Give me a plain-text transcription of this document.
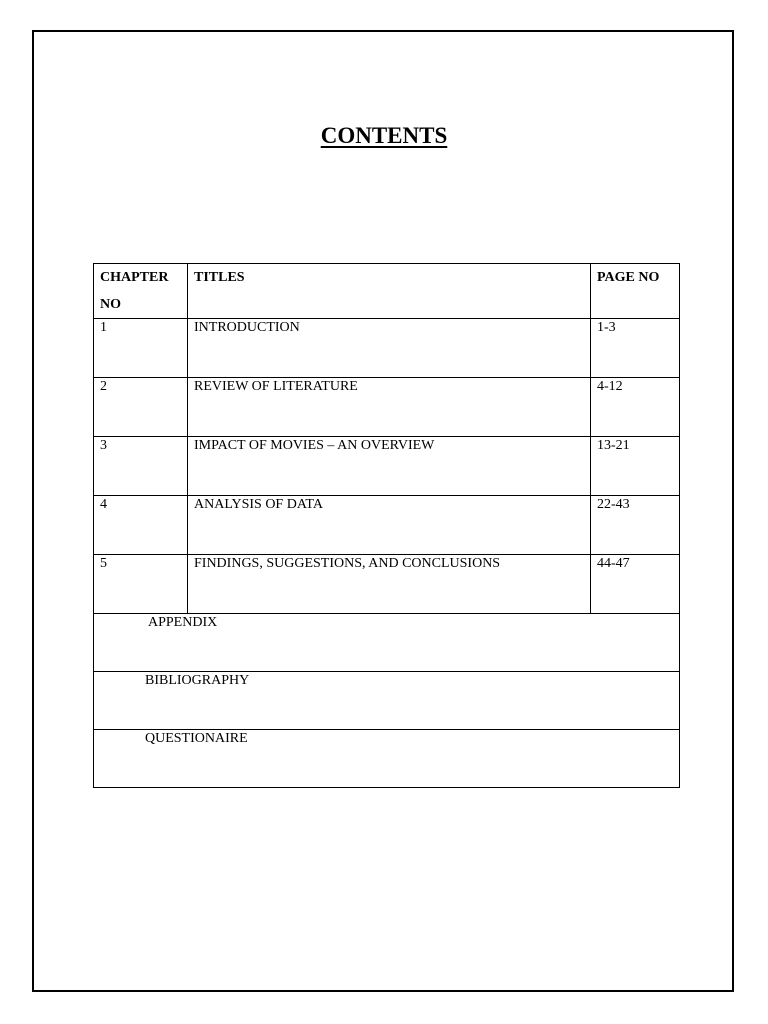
CONTENTS
CHAPTER NO	TITLES	PAGE NO
1	INTRODUCTION	1-3
2	REVIEW OF LITERATURE	4-12
3	IMPACT OF MOVIES – AN OVERVIEW	13-21
4	ANALYSIS OF DATA	22-43
5	FINDINGS, SUGGESTIONS, AND CONCLUSIONS	44-47
APPENDIX		
BIBLIOGRAPHY		
QUESTIONAIRE		
